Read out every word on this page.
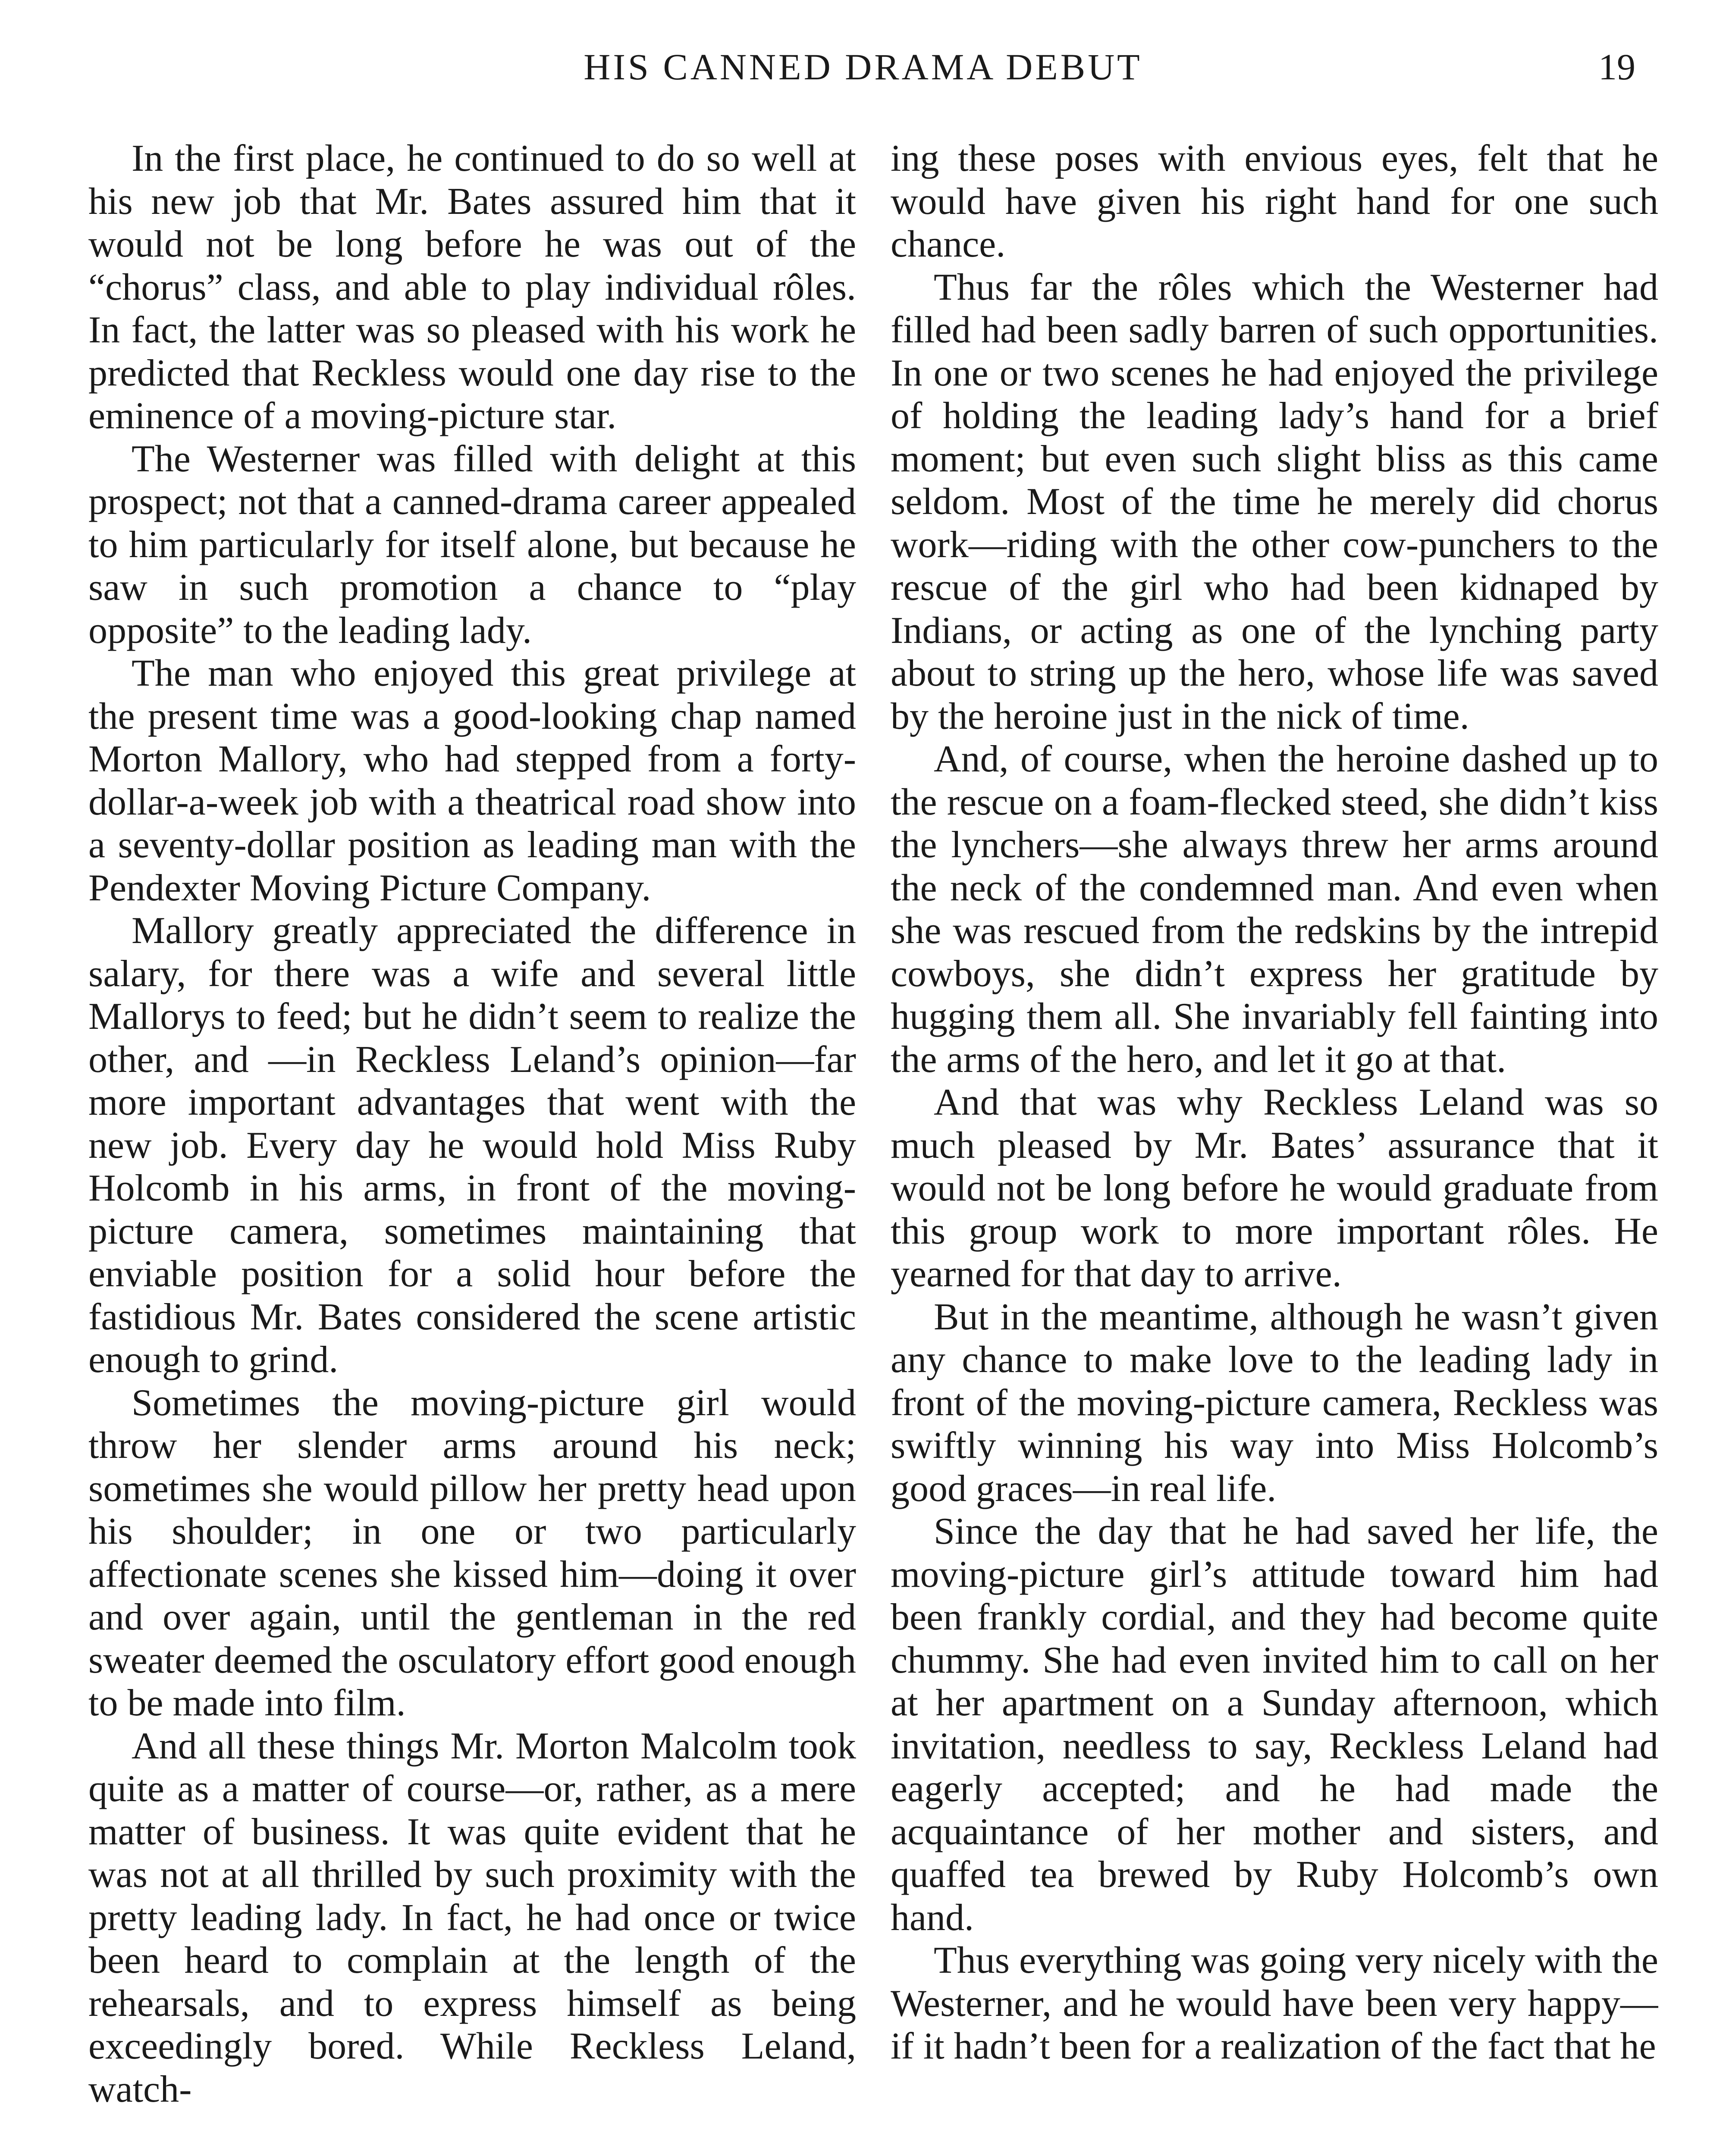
HIS CANNED DRAMA DEBUT	19

In the first place, he continued to do so well at his new job that Mr. Bates assured him that it would not be long before he was out of the “chorus” class, and able to play individual rôles. In fact, the latter was so pleased with his work he predicted that Reckless would one day rise to the eminence of a moving-picture star.

The Westerner was filled with delight at this prospect; not that a canned-drama career appealed to him particularly for itself alone, but because he saw in such promotion a chance to “play opposite” to the leading lady.

The man who enjoyed this great privilege at the present time was a good-looking chap named Morton Mallory, who had stepped from a forty-dollar-a-week job with a theatrical road show into a seventy-dollar position as leading man with the Pendexter Moving Picture Company.

Mallory greatly appreciated the difference in salary, for there was a wife and several little Mallorys to feed; but he didn’t seem to realize the other, and —in Reckless Leland’s opinion—far more important advantages that went with the new job. Every day he would hold Miss Ruby Holcomb in his arms, in front of the moving-picture camera, sometimes maintaining that enviable position for a solid hour before the fastidious Mr. Bates considered the scene artistic enough to grind.

Sometimes the moving-picture girl would throw her slender arms around his neck; sometimes she would pillow her pretty head upon his shoulder; in one or two particularly affectionate scenes she kissed him—doing it over and over again, until the gentleman in the red sweater deemed the osculatory effort good enough to be made into film.

And all these things Mr. Morton Malcolm took quite as a matter of course—or, rather, as a mere matter of business. It was quite evident that he was not at all thrilled by such proximity with the pretty leading lady. In fact, he had once or twice been heard to complain at the length of the rehearsals, and to express himself as being exceedingly bored. While Reckless Leland, watch-

ing these poses with envious eyes, felt that he would have given his right hand for one such chance.

Thus far the rôles which the Westerner had filled had been sadly barren of such opportunities. In one or two scenes he had enjoyed the privilege of holding the leading lady’s hand for a brief moment; but even such slight bliss as this came seldom. Most of the time he merely did chorus work—riding with the other cow-punchers to the rescue of the girl who had been kidnaped by Indians, or acting as one of the lynching party about to string up the hero, whose life was saved by the heroine just in the nick of time.

And, of course, when the heroine dashed up to the rescue on a foam-flecked steed, she didn’t kiss the lynchers—she always threw her arms around the neck of the condemned man. And even when she was rescued from the redskins by the intrepid cowboys, she didn’t express her gratitude by hugging them all. She invariably fell fainting into the arms of the hero, and let it go at that.

And that was why Reckless Leland was so much pleased by Mr. Bates’ assurance that it would not be long before he would graduate from this group work to more important rôles. He yearned for that day to arrive.

But in the meantime, although he wasn’t given any chance to make love to the leading lady in front of the moving-picture camera, Reckless was swiftly winning his way into Miss Holcomb’s good graces—in real life.

Since the day that he had saved her life, the moving-picture girl’s attitude toward him had been frankly cordial, and they had become quite chummy. She had even invited him to call on her at her apartment on a Sunday afternoon, which invitation, needless to say, Reckless Leland had eagerly accepted; and he had made the acquaintance of her mother and sisters, and quaffed tea brewed by Ruby Holcomb’s own hand.

Thus everything was going very nicely with the Westerner, and he would have been very happy—if it hadn’t been for a realization of the fact that he
